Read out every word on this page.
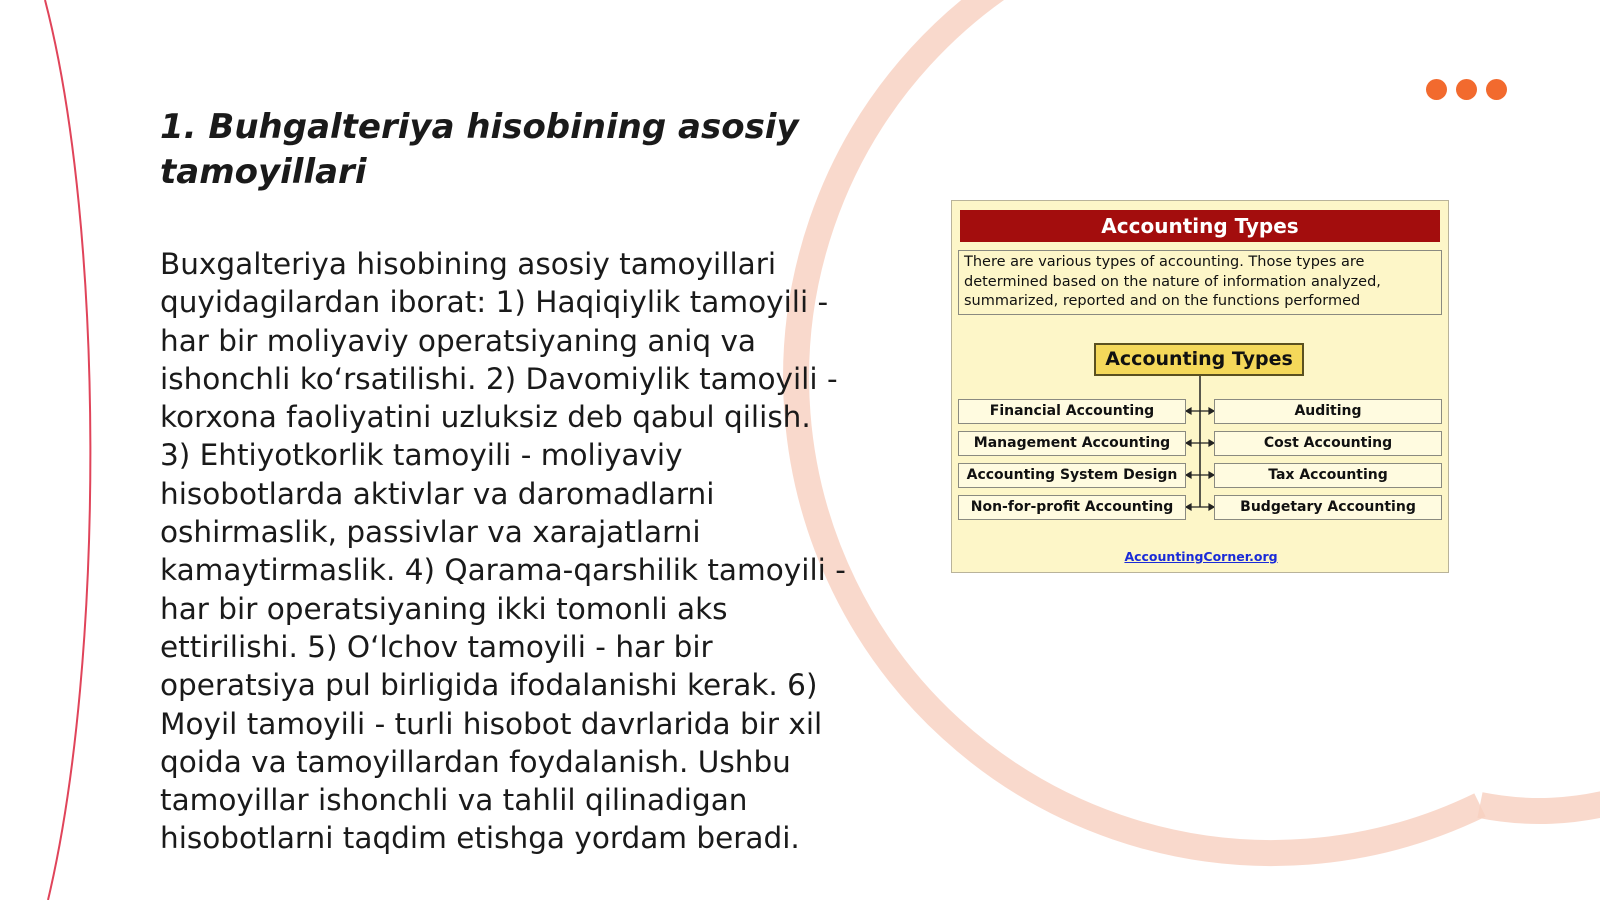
1. Buhgalteriya hisobining asosiy tamoyillari

Buxgalteriya hisobining asosiy tamoyillari quyidagilardan iborat: 1) Haqiqiylik tamoyili - har bir moliyaviy operatsiyaning aniq va ishonchli ko‘rsatilishi. 2) Davomiylik tamoyili - korxona faoliyatini uzluksiz deb qabul qilish. 3) Ehtiyotkorlik tamoyili - moliyaviy hisobotlarda aktivlar va daromadlarni oshirmaslik, passivlar va xarajatlarni kamaytirmaslik. 4) Qarama-qarshilik tamoyili - har bir operatsiyaning ikki tomonli aks ettirilishi. 5) O‘lchov tamoyili - har bir operatsiya pul birligida ifodalanishi kerak. 6) Moyil tamoyili - turli hisobot davrlarida bir xil qoida va tamoyillardan foydalanish. Ushbu tamoyillar ishonchli va tahlil qilinadigan hisobotlarni taqdim etishga yordam beradi.

Accounting Types
There are various types of accounting. Those types are determined based on the nature of information analyzed, summarized, reported and on the functions performed
Accounting Types
Financial Accounting
Management Accounting
Accounting System Design
Non-for-profit Accounting
Auditing
Cost Accounting
Tax Accounting
Budgetary Accounting
AccountingCorner.org
